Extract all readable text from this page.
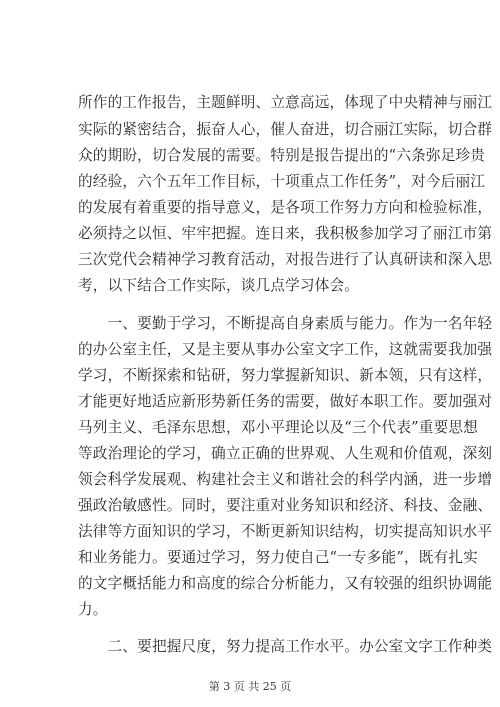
所作的工作报告，主题鲜明、立意高远，体现了中央精神与丽江
实际的紧密结合，振奋人心，催人奋进，切合丽江实际，切合群
众的期盼，切合发展的需要。特别是报告提出的“六条弥足珍贵
的经验，六个五年工作目标，十项重点工作任务”，对今后丽江
的发展有着重要的指导意义，是各项工作努力方向和检验标准，
必须持之以恒、牢牢把握。连日来，我积极参加学习了丽江市第
三次党代会精神学习教育活动，对报告进行了认真研读和深入思
考，以下结合工作实际，谈几点学习体会。
　　一、要勤于学习，不断提高自身素质与能力。作为一名年轻
的办公室主任，又是主要从事办公室文字工作，这就需要我加强
学习，不断探索和钻研，努力掌握新知识、新本领，只有这样，
才能更好地适应新形势新任务的需要，做好本职工作。要加强对
马列主义、毛泽东思想，邓小平理论以及“三个代表”重要思想
等政治理论的学习，确立正确的世界观、人生观和价值观，深刻
领会科学发展观、构建社会主义和谐社会的科学内涵，进一步增
强政治敏感性。同时，要注重对业务知识和经济、科技、金融、
法律等方面知识的学习，不断更新知识结构，切实提高知识水平
和业务能力。要通过学习，努力使自己“一专多能”，既有扎实
的文字概括能力和高度的综合分析能力，又有较强的组织协调能
力。
　　二、要把握尺度，努力提高工作水平。办公室文字工作种类
第 3 页 共 25 页
